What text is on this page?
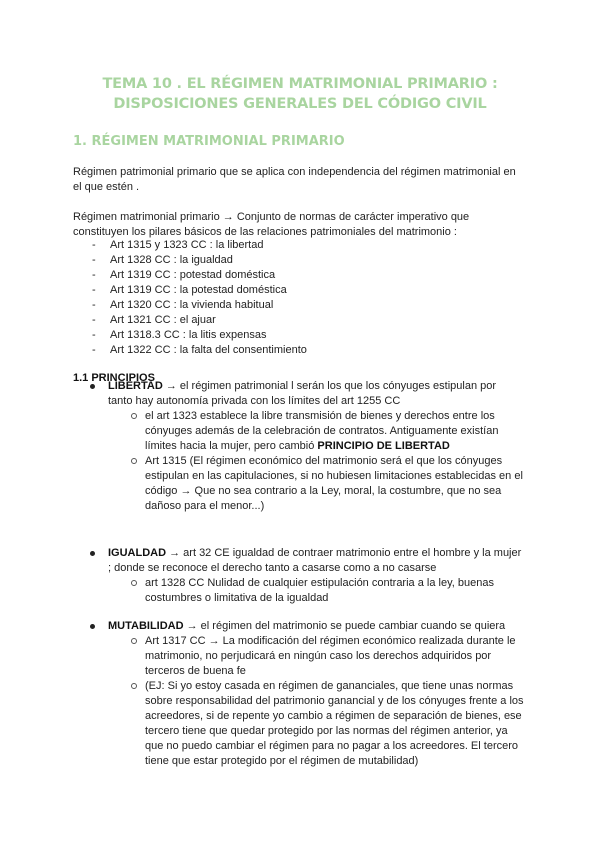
TEMA 10 . EL RÉGIMEN MATRIMONIAL PRIMARIO :
DISPOSICIONES GENERALES DEL CÓDIGO CIVIL
1. RÉGIMEN MATRIMONIAL PRIMARIO
Régimen patrimonial primario que se aplica con independencia del régimen matrimonial en
el que estén .
Régimen matrimonial primario → Conjunto de normas de carácter imperativo que
constituyen los pilares básicos de las relaciones patrimoniales del matrimonio :
- Art 1315 y 1323 CC : la libertad
- Art 1328 CC : la igualdad
- Art 1319 CC : potestad doméstica
- Art 1319 CC : la potestad doméstica
- Art 1320 CC : la vivienda habitual
- Art 1321 CC : el ajuar
- Art 1318.3 CC : la litis expensas
- Art 1322 CC : la falta del consentimiento
1.1 PRINCIPIOS
LIBERTAD → el régimen patrimonial l serán los que los cónyuges estipulan por
tanto hay autonomía privada con los límites del art 1255 CC
el art 1323 establece la libre transmisión de bienes y derechos entre los
cónyuges además de la celebración de contratos. Antiguamente existían
límites hacia la mujer, pero cambió PRINCIPIO DE LIBERTAD
Art 1315 (El régimen económico del matrimonio será el que los cónyuges
estipulan en las capitulaciones, si no hubiesen limitaciones establecidas en el
código → Que no sea contrario a la Ley, moral, la costumbre, que no sea
dañoso para el menor...)
IGUALDAD → art 32 CE igualdad de contraer matrimonio entre el hombre y la mujer
; donde se reconoce el derecho tanto a casarse como a no casarse
art 1328 CC Nulidad de cualquier estipulación contraria a la ley, buenas
costumbres o limitativa de la igualdad
MUTABILIDAD → el régimen del matrimonio se puede cambiar cuando se quiera
Art 1317 CC → La modificación del régimen económico realizada durante le
matrimonio, no perjudicará en ningún caso los derechos adquiridos por
terceros de buena fe
(EJ: Si yo estoy casada en régimen de gananciales, que tiene unas normas
sobre responsabilidad del patrimonio ganancial y de los cónyuges frente a los
acreedores, si de repente yo cambio a régimen de separación de bienes, ese
tercero tiene que quedar protegido por las normas del régimen anterior, ya
que no puedo cambiar el régimen para no pagar a los acreedores. El tercero
tiene que estar protegido por el régimen de mutabilidad)
